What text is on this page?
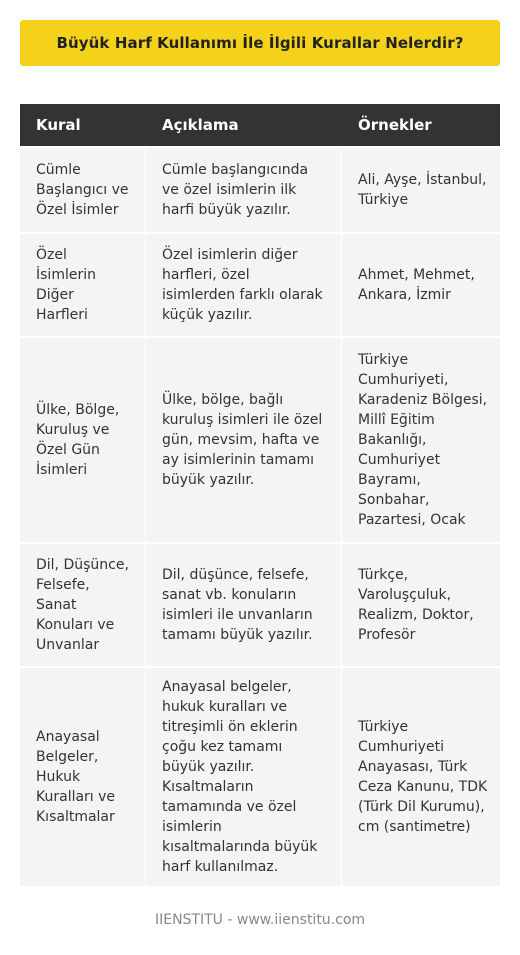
Büyük Harf Kullanımı İle İlgili Kurallar Nelerdir?
Kural	Açıklama	Örnekler
Cümle
Başlangıcı ve
Özel İsimler
Cümle başlangıcında
ve özel isimlerin ilk
harfi büyük yazılır.
Ali, Ayşe, İstanbul,
Türkiye
Özel
İsimlerin
Diğer
Harfleri
Özel isimlerin diğer
harfleri, özel
isimlerden farklı olarak
küçük yazılır.
Ahmet, Mehmet,
Ankara, İzmir
Ülke, Bölge,
Kuruluş ve
Özel Gün
İsimleri
Ülke, bölge, bağlı
kuruluş isimleri ile özel
gün, mevsim, hafta ve
ay isimlerinin tamamı
büyük yazılır.
Türkiye
Cumhuriyeti,
Karadeniz Bölgesi,
Millî Eğitim
Bakanlığı,
Cumhuriyet
Bayramı,
Sonbahar,
Pazartesi, Ocak
Dil, Düşünce,
Felsefe,
Sanat
Konuları ve
Unvanlar
Dil, düşünce, felsefe,
sanat vb. konuların
isimleri ile unvanların
tamamı büyük yazılır.
Türkçe,
Varoluşçuluk,
Realizm, Doktor,
Profesör
Anayasal
Belgeler,
Hukuk
Kuralları ve
Kısaltmalar
Anayasal belgeler,
hukuk kuralları ve
titreşimli ön eklerin
çoğu kez tamamı
büyük yazılır.
Kısaltmaların
tamamında ve özel
isimlerin
kısaltmalarında büyük
harf kullanılmaz.
Türkiye
Cumhuriyeti
Anayasası, Türk
Ceza Kanunu, TDK
(Türk Dil Kurumu),
cm (santimetre)
IIENSTITU - www.iienstitu.com
